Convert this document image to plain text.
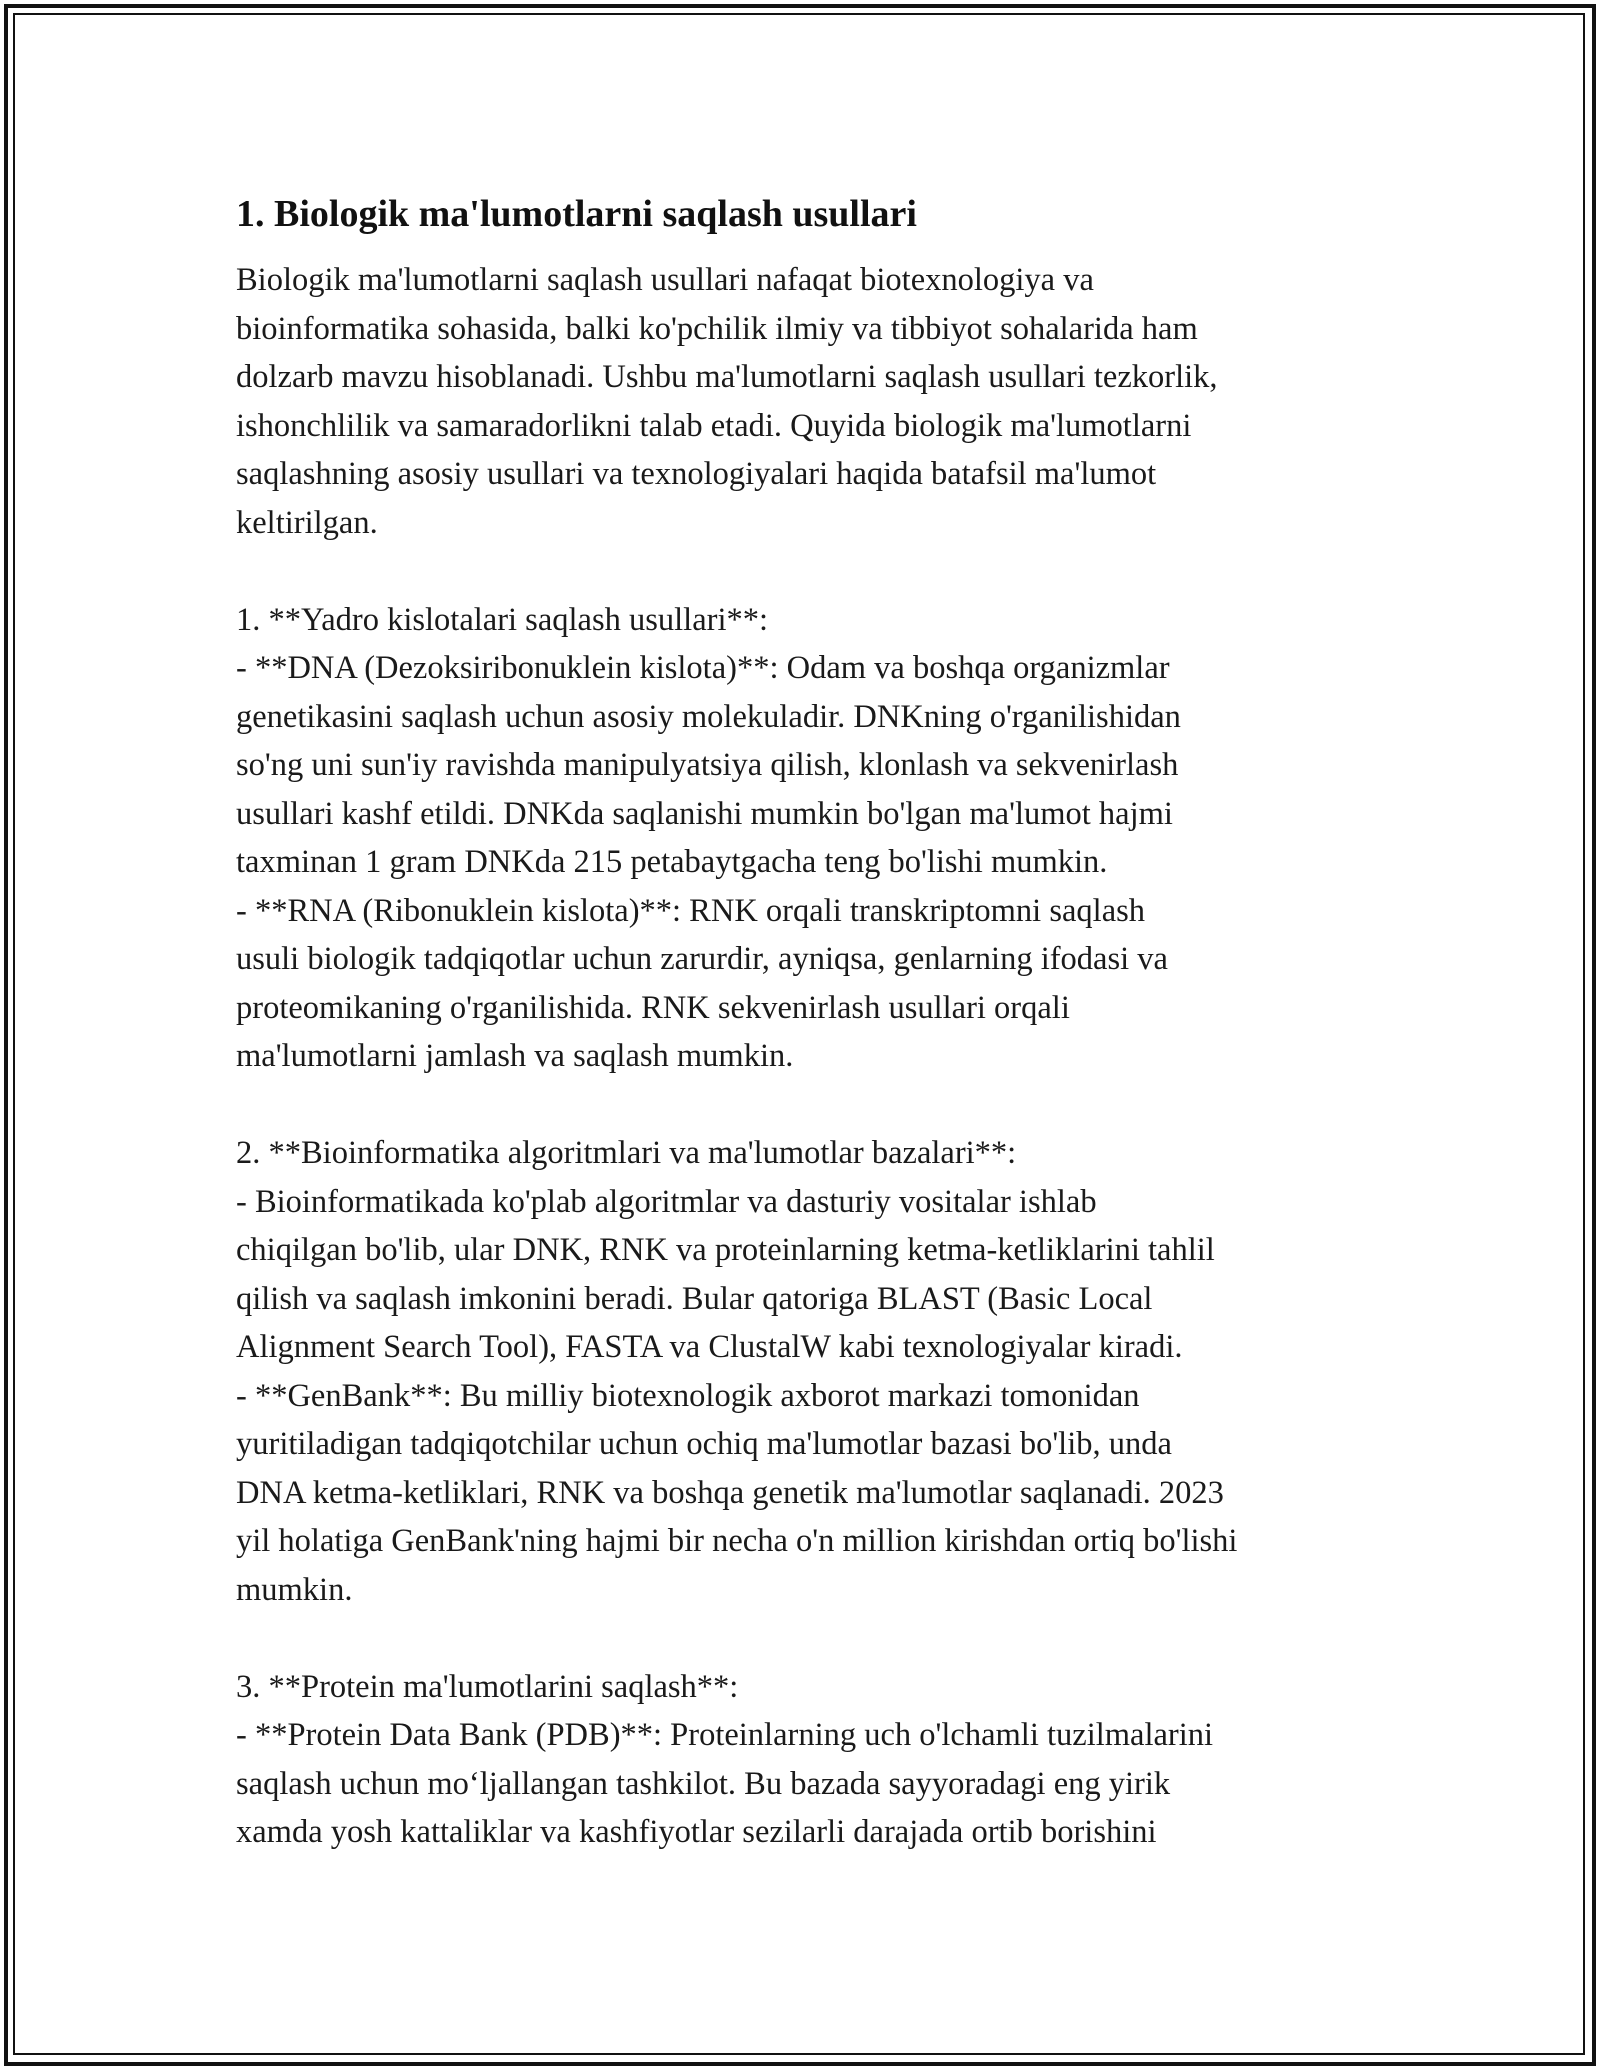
1. Biologik ma'lumotlarni saqlash usullari

Biologik ma'lumotlarni saqlash usullari nafaqat biotexnologiya va
bioinformatika sohasida, balki ko'pchilik ilmiy va tibbiyot sohalarida ham
dolzarb mavzu hisoblanadi. Ushbu ma'lumotlarni saqlash usullari tezkorlik,
ishonchlilik va samaradorlikni talab etadi. Quyida biologik ma'lumotlarni
saqlashning asosiy usullari va texnologiyalari haqida batafsil ma'lumot
keltirilgan.

1. **Yadro kislotalari saqlash usullari**:

- **DNA (Dezoksiribonuklein kislota)**: Odam va boshqa organizmlar
genetikasini saqlash uchun asosiy molekuladir. DNKning o'rganilishidan
so'ng uni sun'iy ravishda manipulyatsiya qilish, klonlash va sekvenirlash
usullari kashf etildi. DNKda saqlanishi mumkin bo'lgan ma'lumot hajmi
taxminan 1 gram DNKda 215 petabaytgacha teng bo'lishi mumkin.

- **RNA (Ribonuklein kislota)**: RNK orqali transkriptomni saqlash
usuli biologik tadqiqotlar uchun zarurdir, ayniqsa, genlarning ifodasi va
proteomikaning o'rganilishida. RNK sekvenirlash usullari orqali
ma'lumotlarni jamlash va saqlash mumkin.

2. **Bioinformatika algoritmlari va ma'lumotlar bazalari**:

- Bioinformatikada ko'plab algoritmlar va dasturiy vositalar ishlab
chiqilgan bo'lib, ular DNK, RNK va proteinlarning ketma-ketliklarini tahlil
qilish va saqlash imkonini beradi. Bular qatoriga BLAST (Basic Local
Alignment Search Tool), FASTA va ClustalW kabi texnologiyalar kiradi.

- **GenBank**: Bu milliy biotexnologik axborot markazi tomonidan
yuritiladigan tadqiqotchilar uchun ochiq ma'lumotlar bazasi bo'lib, unda
DNA ketma-ketliklari, RNK va boshqa genetik ma'lumotlar saqlanadi. 2023
yil holatiga GenBank'ning hajmi bir necha o'n million kirishdan ortiq bo'lishi
mumkin.

3. **Protein ma'lumotlarini saqlash**:

- **Protein Data Bank (PDB)**: Proteinlarning uch o'lchamli tuzilmalarini
saqlash uchun mo‘ljallangan tashkilot. Bu bazada sayyoradagi eng yirik
xamda yosh kattaliklar va kashfiyotlar sezilarli darajada ortib borishini
